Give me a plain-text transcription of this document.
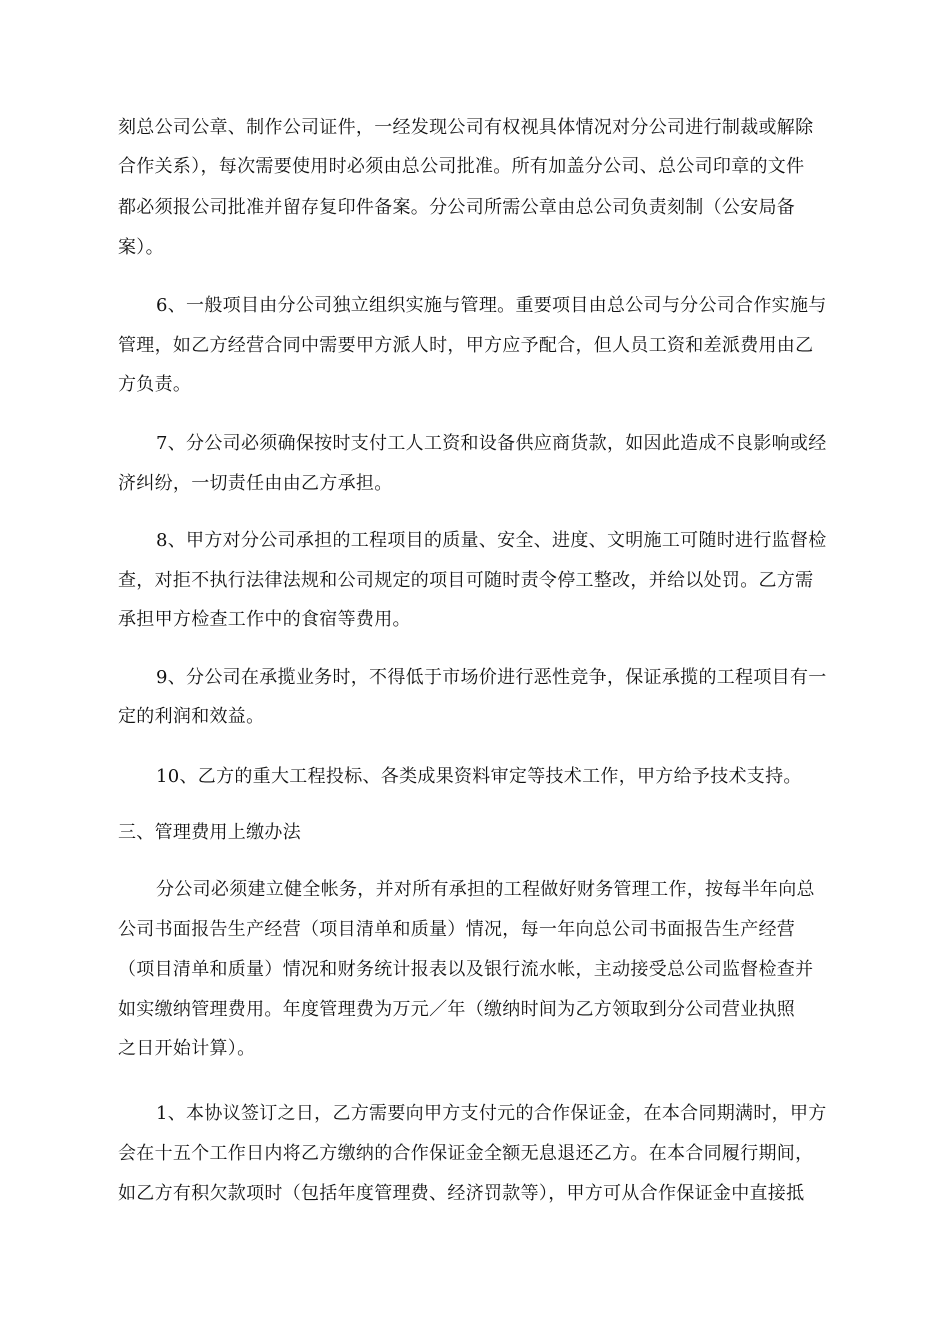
刻总公司公章、制作公司证件，一经发现公司有权视具体情况对分公司进行制裁或解除
合作关系），每次需要使用时必须由总公司批准。所有加盖分公司、总公司印章的文件
都必须报公司批准并留存复印件备案。分公司所需公章由总公司负责刻制（公安局备
案）。
6、一般项目由分公司独立组织实施与管理。重要项目由总公司与分公司合作实施与
管理，如乙方经营合同中需要甲方派人时，甲方应予配合，但人员工资和差派费用由乙
方负责。
7、分公司必须确保按时支付工人工资和设备供应商货款，如因此造成不良影响或经
济纠纷，一切责任由由乙方承担。
8、甲方对分公司承担的工程项目的质量、安全、进度、文明施工可随时进行监督检
查，对拒不执行法律法规和公司规定的项目可随时责令停工整改，并给以处罚。乙方需
承担甲方检查工作中的食宿等费用。
9、分公司在承揽业务时，不得低于市场价进行恶性竞争，保证承揽的工程项目有一
定的利润和效益。
10、乙方的重大工程投标、各类成果资料审定等技术工作，甲方给予技术支持。
三、管理费用上缴办法
分公司必须建立健全帐务，并对所有承担的工程做好财务管理工作，按每半年向总
公司书面报告生产经营（项目清单和质量）情况，每一年向总公司书面报告生产经营
（项目清单和质量）情况和财务统计报表以及银行流水帐，主动接受总公司监督检查并
如实缴纳管理费用。年度管理费为万元／年（缴纳时间为乙方领取到分公司营业执照
之日开始计算）。
1、本协议签订之日，乙方需要向甲方支付元的合作保证金，在本合同期满时，甲方
会在十五个工作日内将乙方缴纳的合作保证金全额无息退还乙方。在本合同履行期间，
如乙方有积欠款项时（包括年度管理费、经济罚款等），甲方可从合作保证金中直接抵
